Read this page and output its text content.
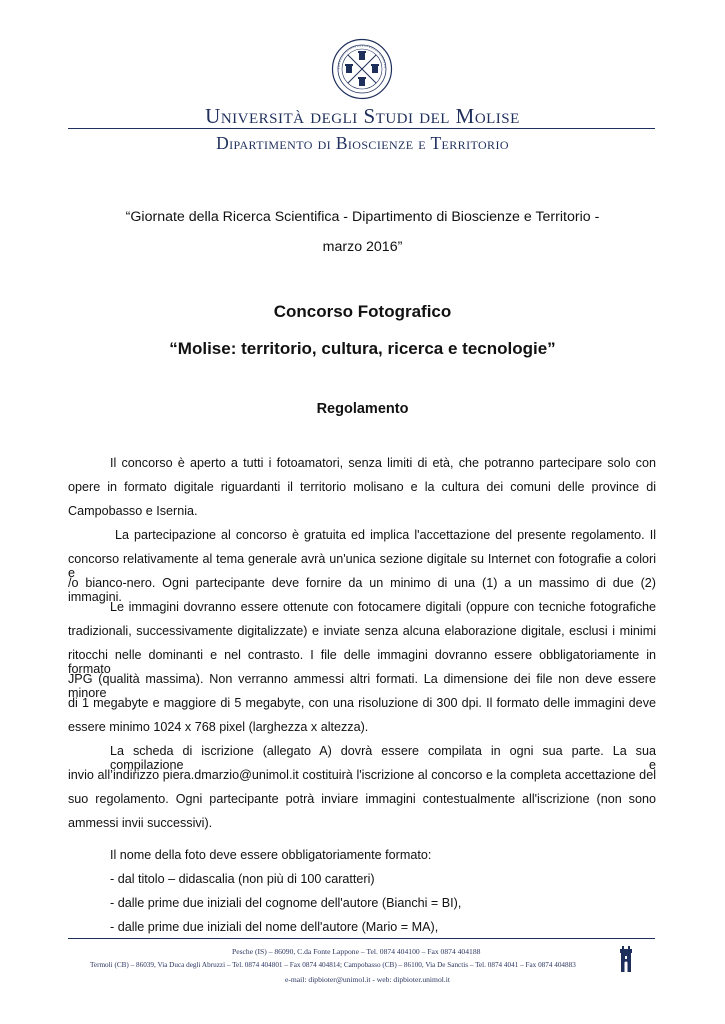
Università degli Studi del Molise
Dipartimento di Bioscienze e Territorio
“Giornate della Ricerca Scientifica - Dipartimento di Bioscienze e Territorio -
marzo 2016”
Concorso Fotografico
“Molise: territorio, cultura, ricerca e tecnologie”
Regolamento
Il concorso è aperto a tutti i fotoamatori, senza limiti di età, che potranno partecipare solo con
opere in formato digitale riguardanti il territorio molisano e la cultura dei comuni delle province di
Campobasso e Isernia.
La partecipazione al concorso è gratuita ed implica l'accettazione del presente regolamento. Il
concorso relativamente al tema generale avrà un'unica sezione digitale su Internet con fotografie a colori e
/o bianco-nero. Ogni partecipante deve fornire da un minimo di una (1) a un massimo di due (2) immagini.
Le immagini dovranno essere ottenute con fotocamere digitali (oppure con tecniche fotografiche
tradizionali, successivamente digitalizzate) e inviate senza alcuna elaborazione digitale, esclusi i minimi
ritocchi nelle dominanti e nel contrasto. I file delle immagini dovranno essere obbligatoriamente in formato
JPG (qualità massima). Non verranno ammessi altri formati. La dimensione dei file non deve essere minore
di 1 megabyte e maggiore di 5 megabyte, con una risoluzione di 300 dpi. Il formato delle immagini deve
essere minimo 1024 x 768 pixel (larghezza x altezza).
La scheda di iscrizione (allegato A) dovrà essere compilata in ogni sua parte. La sua compilazione e
invio all’indirizzo piera.dmarzio@unimol.it costituirà l'iscrizione al concorso e la completa accettazione del
suo regolamento. Ogni partecipante potrà inviare immagini contestualmente all'iscrizione (non sono
ammessi invii successivi).
Il nome della foto deve essere obbligatoriamente formato:
- dal titolo – didascalia (non più di 100 caratteri)
- dalle prime due iniziali del cognome dell'autore (Bianchi = BI),
- dalle prime due iniziali del nome dell'autore (Mario = MA),
Pesche (IS) – 86090, C.da Fonte Lappone – Tel. 0874 404100 – Fax 0874 404188
Termoli (CB) – 86039, Via Duca degli Abruzzi – Tel. 0874 404801 – Fax 0874 404814; Campobasso (CB) – 86100, Via De Sanctis – Tel. 0874 4041 – Fax 0874 404883
e-mail: dipbioter@unimol.it - web: dipbioter.unimol.it
